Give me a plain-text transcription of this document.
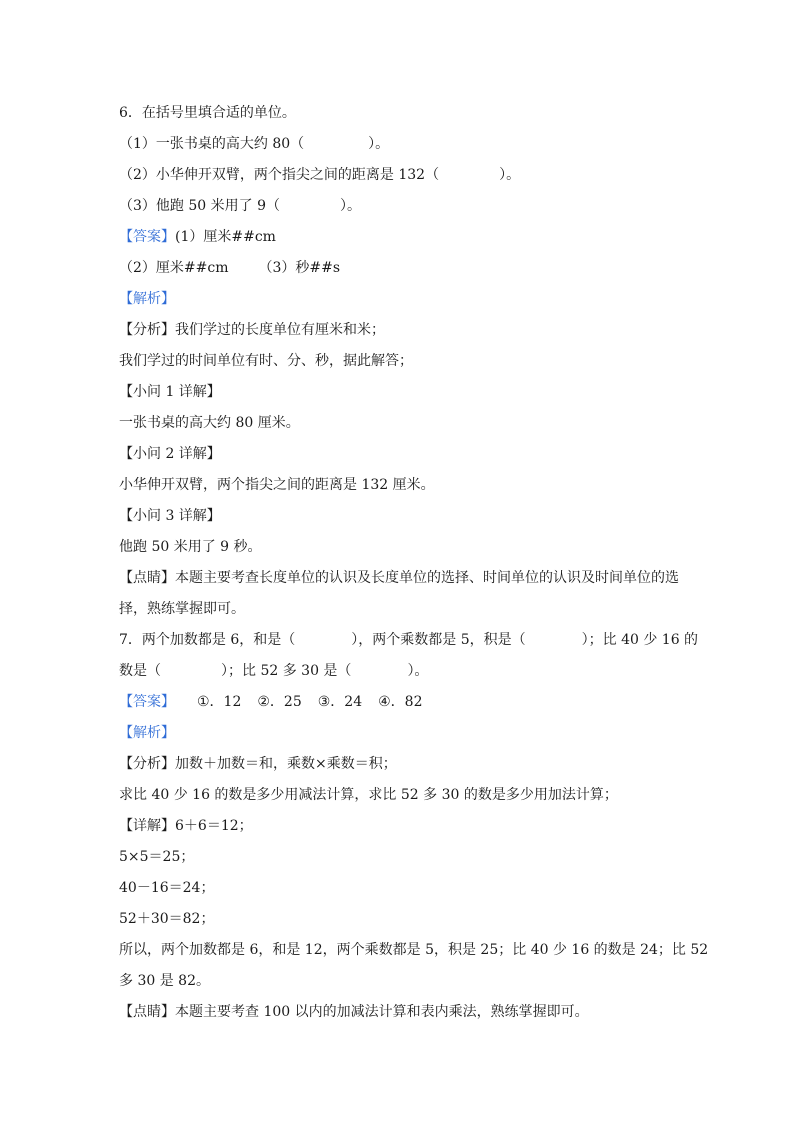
6．在括号里填合适的单位。
（1）一张书桌的高大约 80（	）。
（2）小华伸开双臂，两个指尖之间的距离是 132（	）。
（3）他跑 50 米用了 9（	）。
【答案】(1）厘米##cm
（2）厘米##cm （3）秒##s
【解析】
【分析】我们学过的长度单位有厘米和米；
我们学过的时间单位有时、分、秒，据此解答；
【小问 1 详解】
一张书桌的高大约 80 厘米。
【小问 2 详解】
小华伸开双臂，两个指尖之间的距离是 132 厘米。
【小问 3 详解】
他跑 50 米用了 9 秒。
【点睛】本题主要考查长度单位的认识及长度单位的选择、时间单位的认识及时间单位的选
择，熟练掌握即可。
7．两个加数都是 6，和是（	），两个乘数都是 5，积是（	）；比 40 少 16 的
数是（	）；比 52 多 30 是（	）。
【答案】 ①．12 ②．25 ③．24 ④．82
【解析】
【分析】加数＋加数＝和，乘数×乘数＝积；
求比 40 少 16 的数是多少用减法计算，求比 52 多 30 的数是多少用加法计算；
【详解】6＋6＝12；
5×5＝25；
40－16＝24；
52＋30＝82；
所以，两个加数都是 6，和是 12，两个乘数都是 5，积是 25；比 40 少 16 的数是 24；比 52
多 30 是 82。
【点睛】本题主要考查 100 以内的加减法计算和表内乘法，熟练掌握即可。
